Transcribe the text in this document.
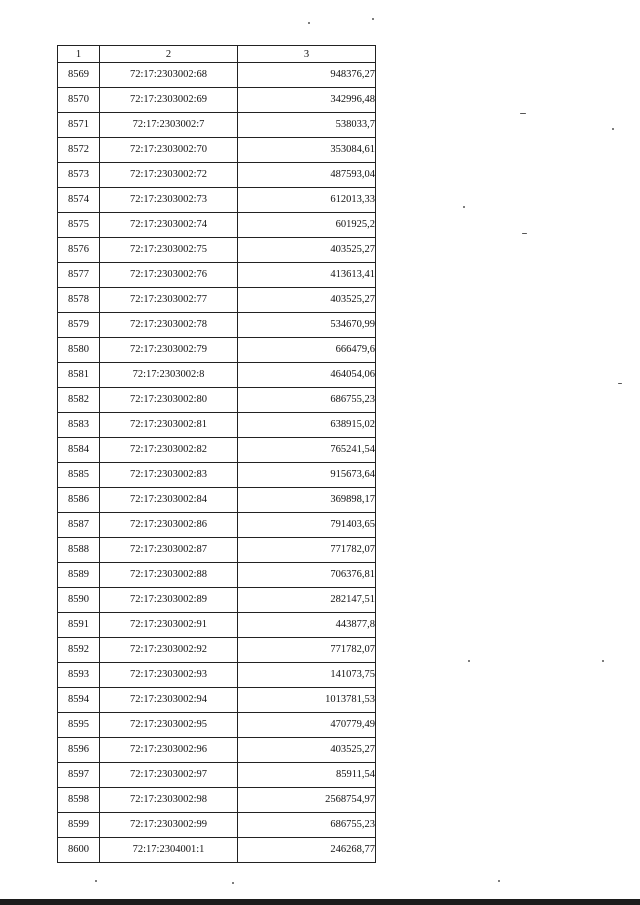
1	2	3
8569	72:17:2303002:68	948376,27
8570	72:17:2303002:69	342996,48
8571	72:17:2303002:7	538033,7
8572	72:17:2303002:70	353084,61
8573	72:17:2303002:72	487593,04
8574	72:17:2303002:73	612013,33
8575	72:17:2303002:74	601925,2
8576	72:17:2303002:75	403525,27
8577	72:17:2303002:76	413613,41
8578	72:17:2303002:77	403525,27
8579	72:17:2303002:78	534670,99
8580	72:17:2303002:79	666479,6
8581	72:17:2303002:8	464054,06
8582	72:17:2303002:80	686755,23
8583	72:17:2303002:81	638915,02
8584	72:17:2303002:82	765241,54
8585	72:17:2303002:83	915673,64
8586	72:17:2303002:84	369898,17
8587	72:17:2303002:86	791403,65
8588	72:17:2303002:87	771782,07
8589	72:17:2303002:88	706376,81
8590	72:17:2303002:89	282147,51
8591	72:17:2303002:91	443877,8
8592	72:17:2303002:92	771782,07
8593	72:17:2303002:93	141073,75
8594	72:17:2303002:94	1013781,53
8595	72:17:2303002:95	470779,49
8596	72:17:2303002:96	403525,27
8597	72:17:2303002:97	85911,54
8598	72:17:2303002:98	2568754,97
8599	72:17:2303002:99	686755,23
8600	72:17:2304001:1	246268,77
